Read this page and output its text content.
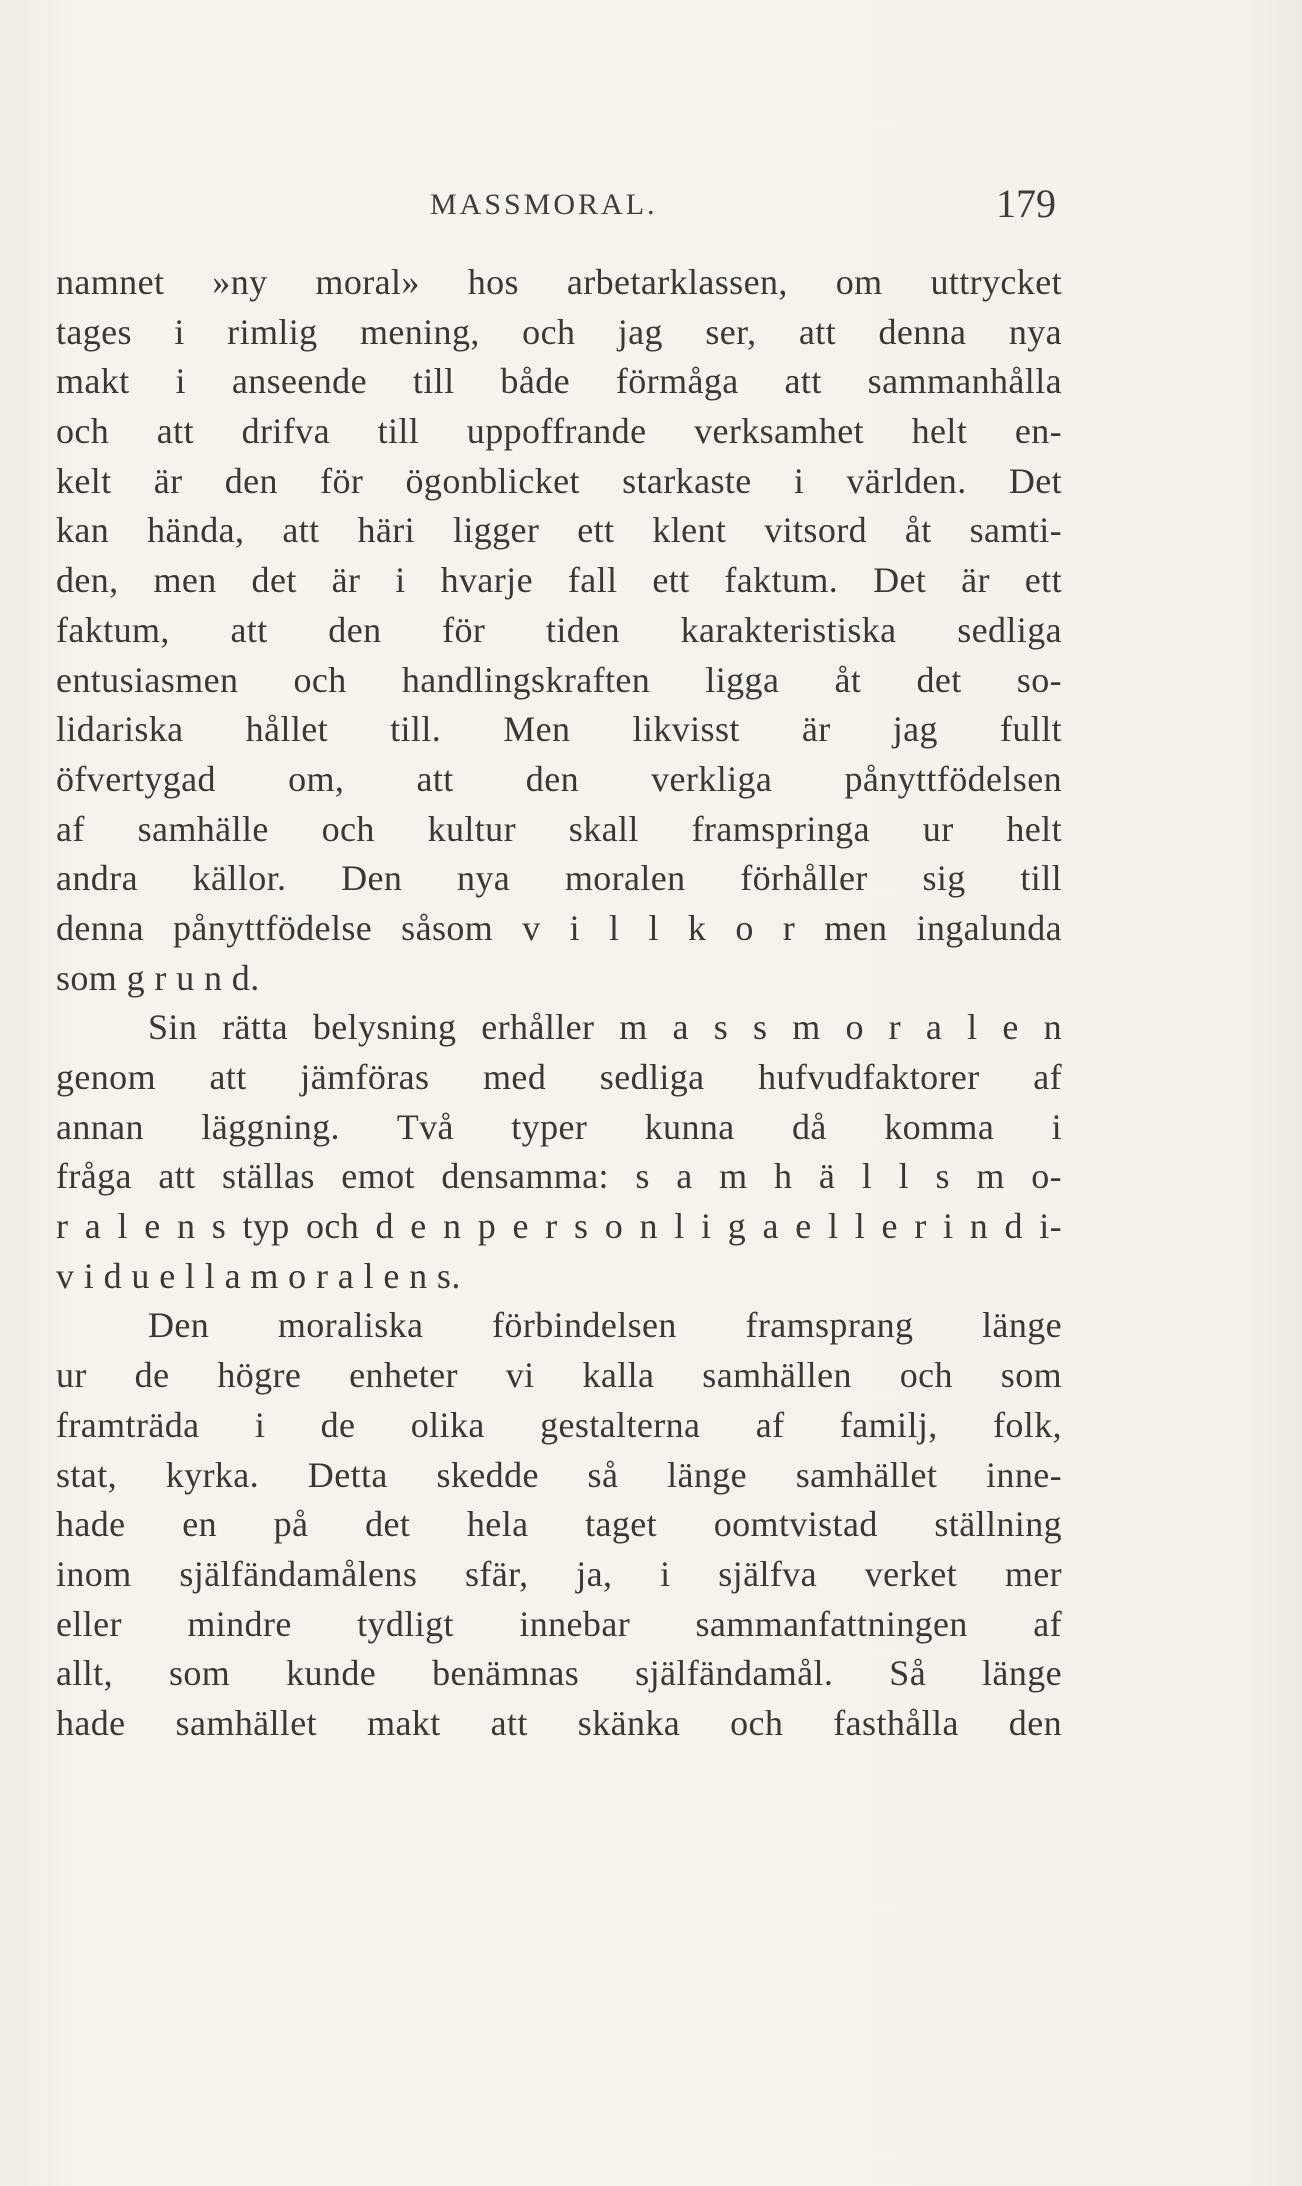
MASSMORAL.	179
namnet »ny moral» hos arbetarklassen, om uttrycket
tages i rimlig mening, och jag ser, att denna nya
makt i anseende till både förmåga att sammanhålla
och att drifva till uppoffrande verksamhet helt en-
kelt är den för ögonblicket starkaste i världen. Det
kan hända, att häri ligger ett klent vitsord åt samti-
den, men det är i hvarje fall ett faktum. Det är ett
faktum, att den för tiden karakteristiska sedliga
entusiasmen och handlingskraften ligga åt det so-
lidariska hållet till. Men likvisst är jag fullt
öfvertygad om, att den verkliga pånyttfödelsen
af samhälle och kultur skall framspringa ur helt
andra källor. Den nya moralen förhåller sig till
denna pånyttfödelse såsom v i l l k o r men ingalunda
som g r u n d.
Sin rätta belysning erhåller m a s s m o r a l e n
genom att jämföras med sedliga hufvudfaktorer af
annan läggning. Två typer kunna då komma i
fråga att ställas emot densamma: s a m h ä l l s m o-
r a l e n s typ och d e n p e r s o n l i g a e l l e r i n d i-
v i d u e l l a m o r a l e n s.
Den moraliska förbindelsen framsprang länge
ur de högre enheter vi kalla samhällen och som
framträda i de olika gestalterna af familj, folk,
stat, kyrka. Detta skedde så länge samhället inne-
hade en på det hela taget oomtvistad ställning
inom själfändamålens sfär, ja, i själfva verket mer
eller mindre tydligt innebar sammanfattningen af
allt, som kunde benämnas själfändamål. Så länge
hade samhället makt att skänka och fasthålla den
